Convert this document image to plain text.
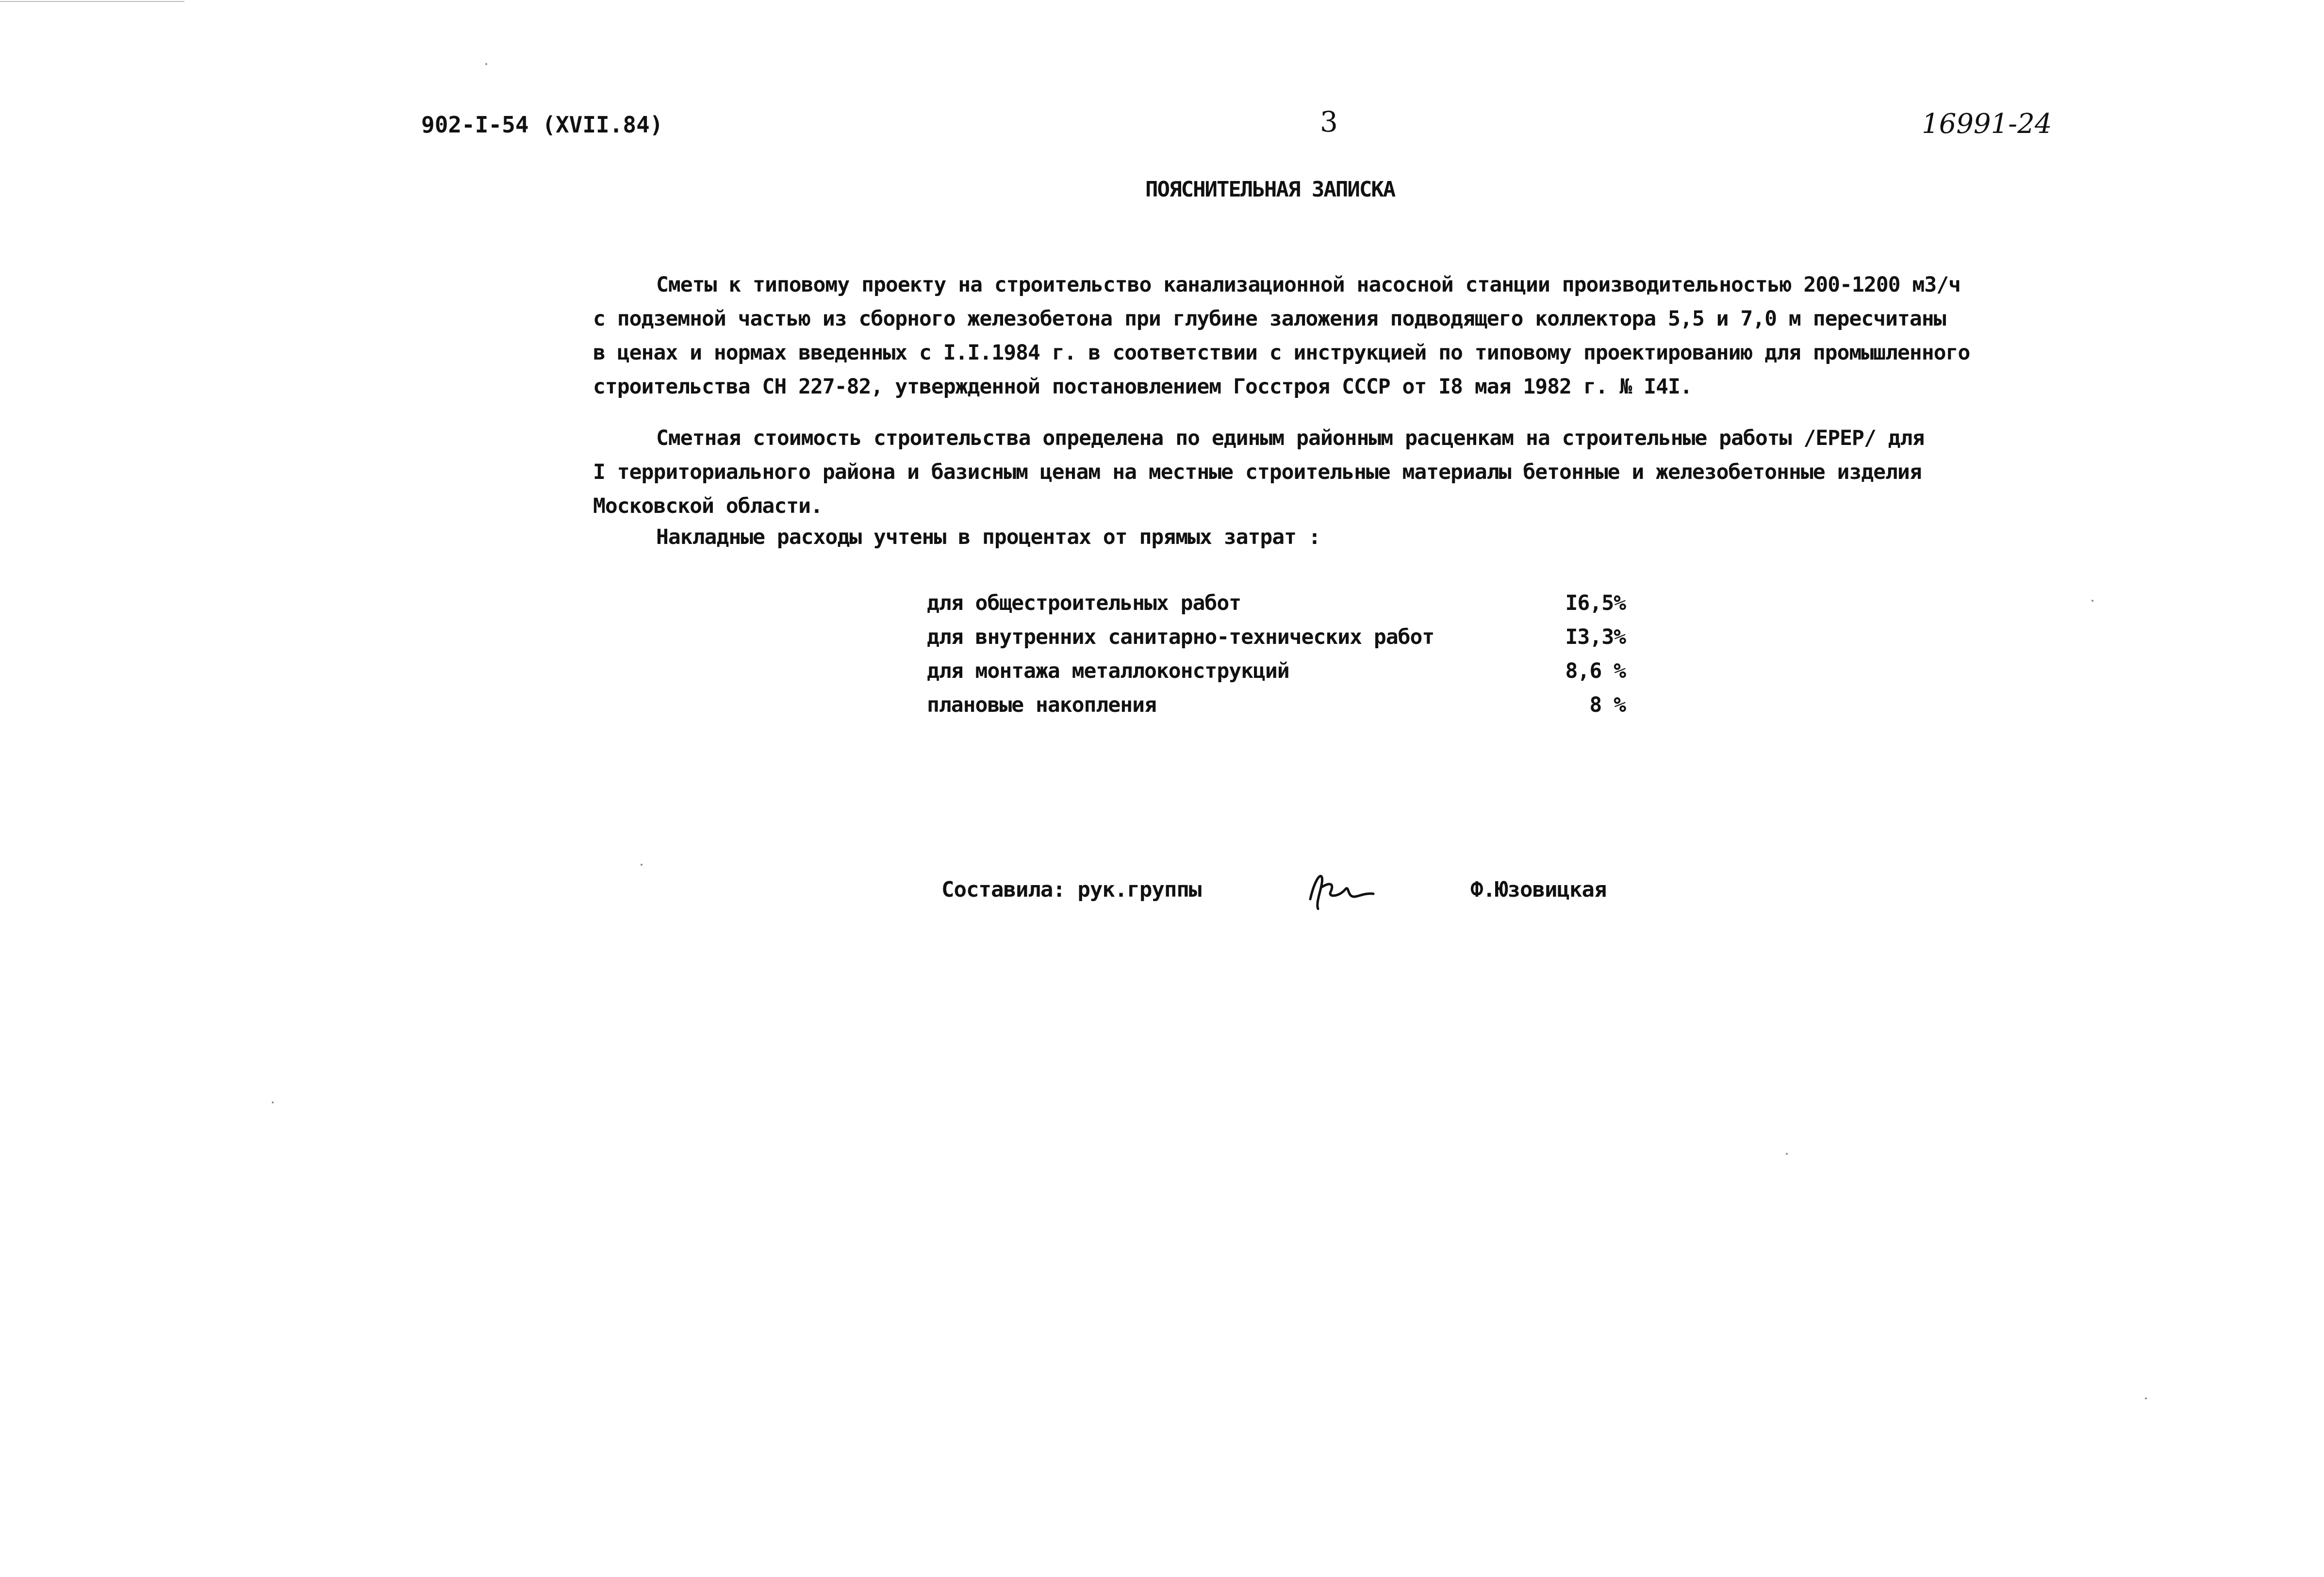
902-I-54 (XVII.84)	3	16991-24
ПОЯСНИТЕЛЬНАЯ ЗАПИСКА
Сметы к типовому проекту на строительство канализационной насосной станции производительностью 200-1200 м3/ч
с подземной частью из сборного железобетона при глубине заложения подводящего коллектора 5,5 и 7,0 м пересчитаны
в ценах и нормах введенных с I.I.1984 г. в соответствии с инструкцией по типовому проектированию для промышленного
строительства СН 227-82, утвержденной постановлением Госстроя СССР от I8 мая 1982 г. № I4I.
Сметная стоимость строительства определена по единым районным расценкам на строительные работы /ЕРЕР/ для
I территориального района и базисным ценам на местные строительные материалы бетонные и железобетонные изделия
Московской области.
Накладные расходы учтены в процентах от прямых затрат :
для общестроительных работ	I6,5%
для внутренних санитарно-технических работ	I3,3%
для монтажа металлоконструкций	8,6 %
плановые накопления	8 %
Составила: рук.группы	Ф.Юзовицкая
